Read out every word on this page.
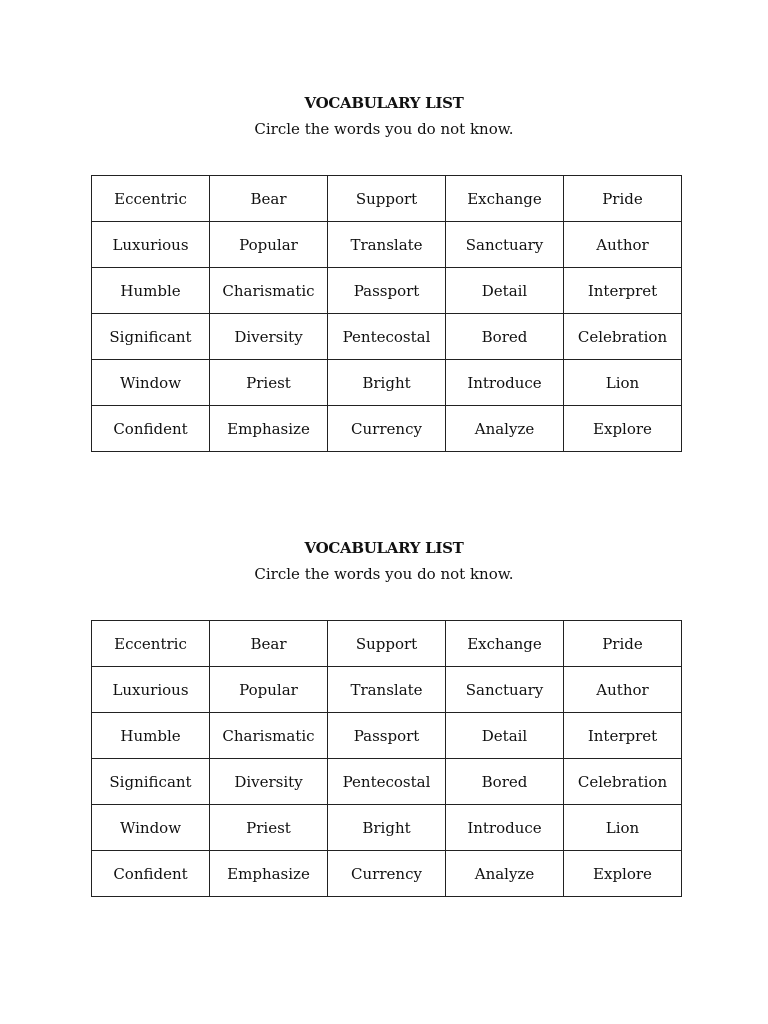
VOCABULARY LIST
Circle the words you do not know.
Eccentric	Bear	Support	Exchange	Pride
Luxurious	Popular	Translate	Sanctuary	Author
Humble	Charismatic	Passport	Detail	Interpret
Significant	Diversity	Pentecostal	Bored	Celebration
Window	Priest	Bright	Introduce	Lion
Confident	Emphasize	Currency	Analyze	Explore
VOCABULARY LIST
Circle the words you do not know.
Eccentric	Bear	Support	Exchange	Pride
Luxurious	Popular	Translate	Sanctuary	Author
Humble	Charismatic	Passport	Detail	Interpret
Significant	Diversity	Pentecostal	Bored	Celebration
Window	Priest	Bright	Introduce	Lion
Confident	Emphasize	Currency	Analyze	Explore
